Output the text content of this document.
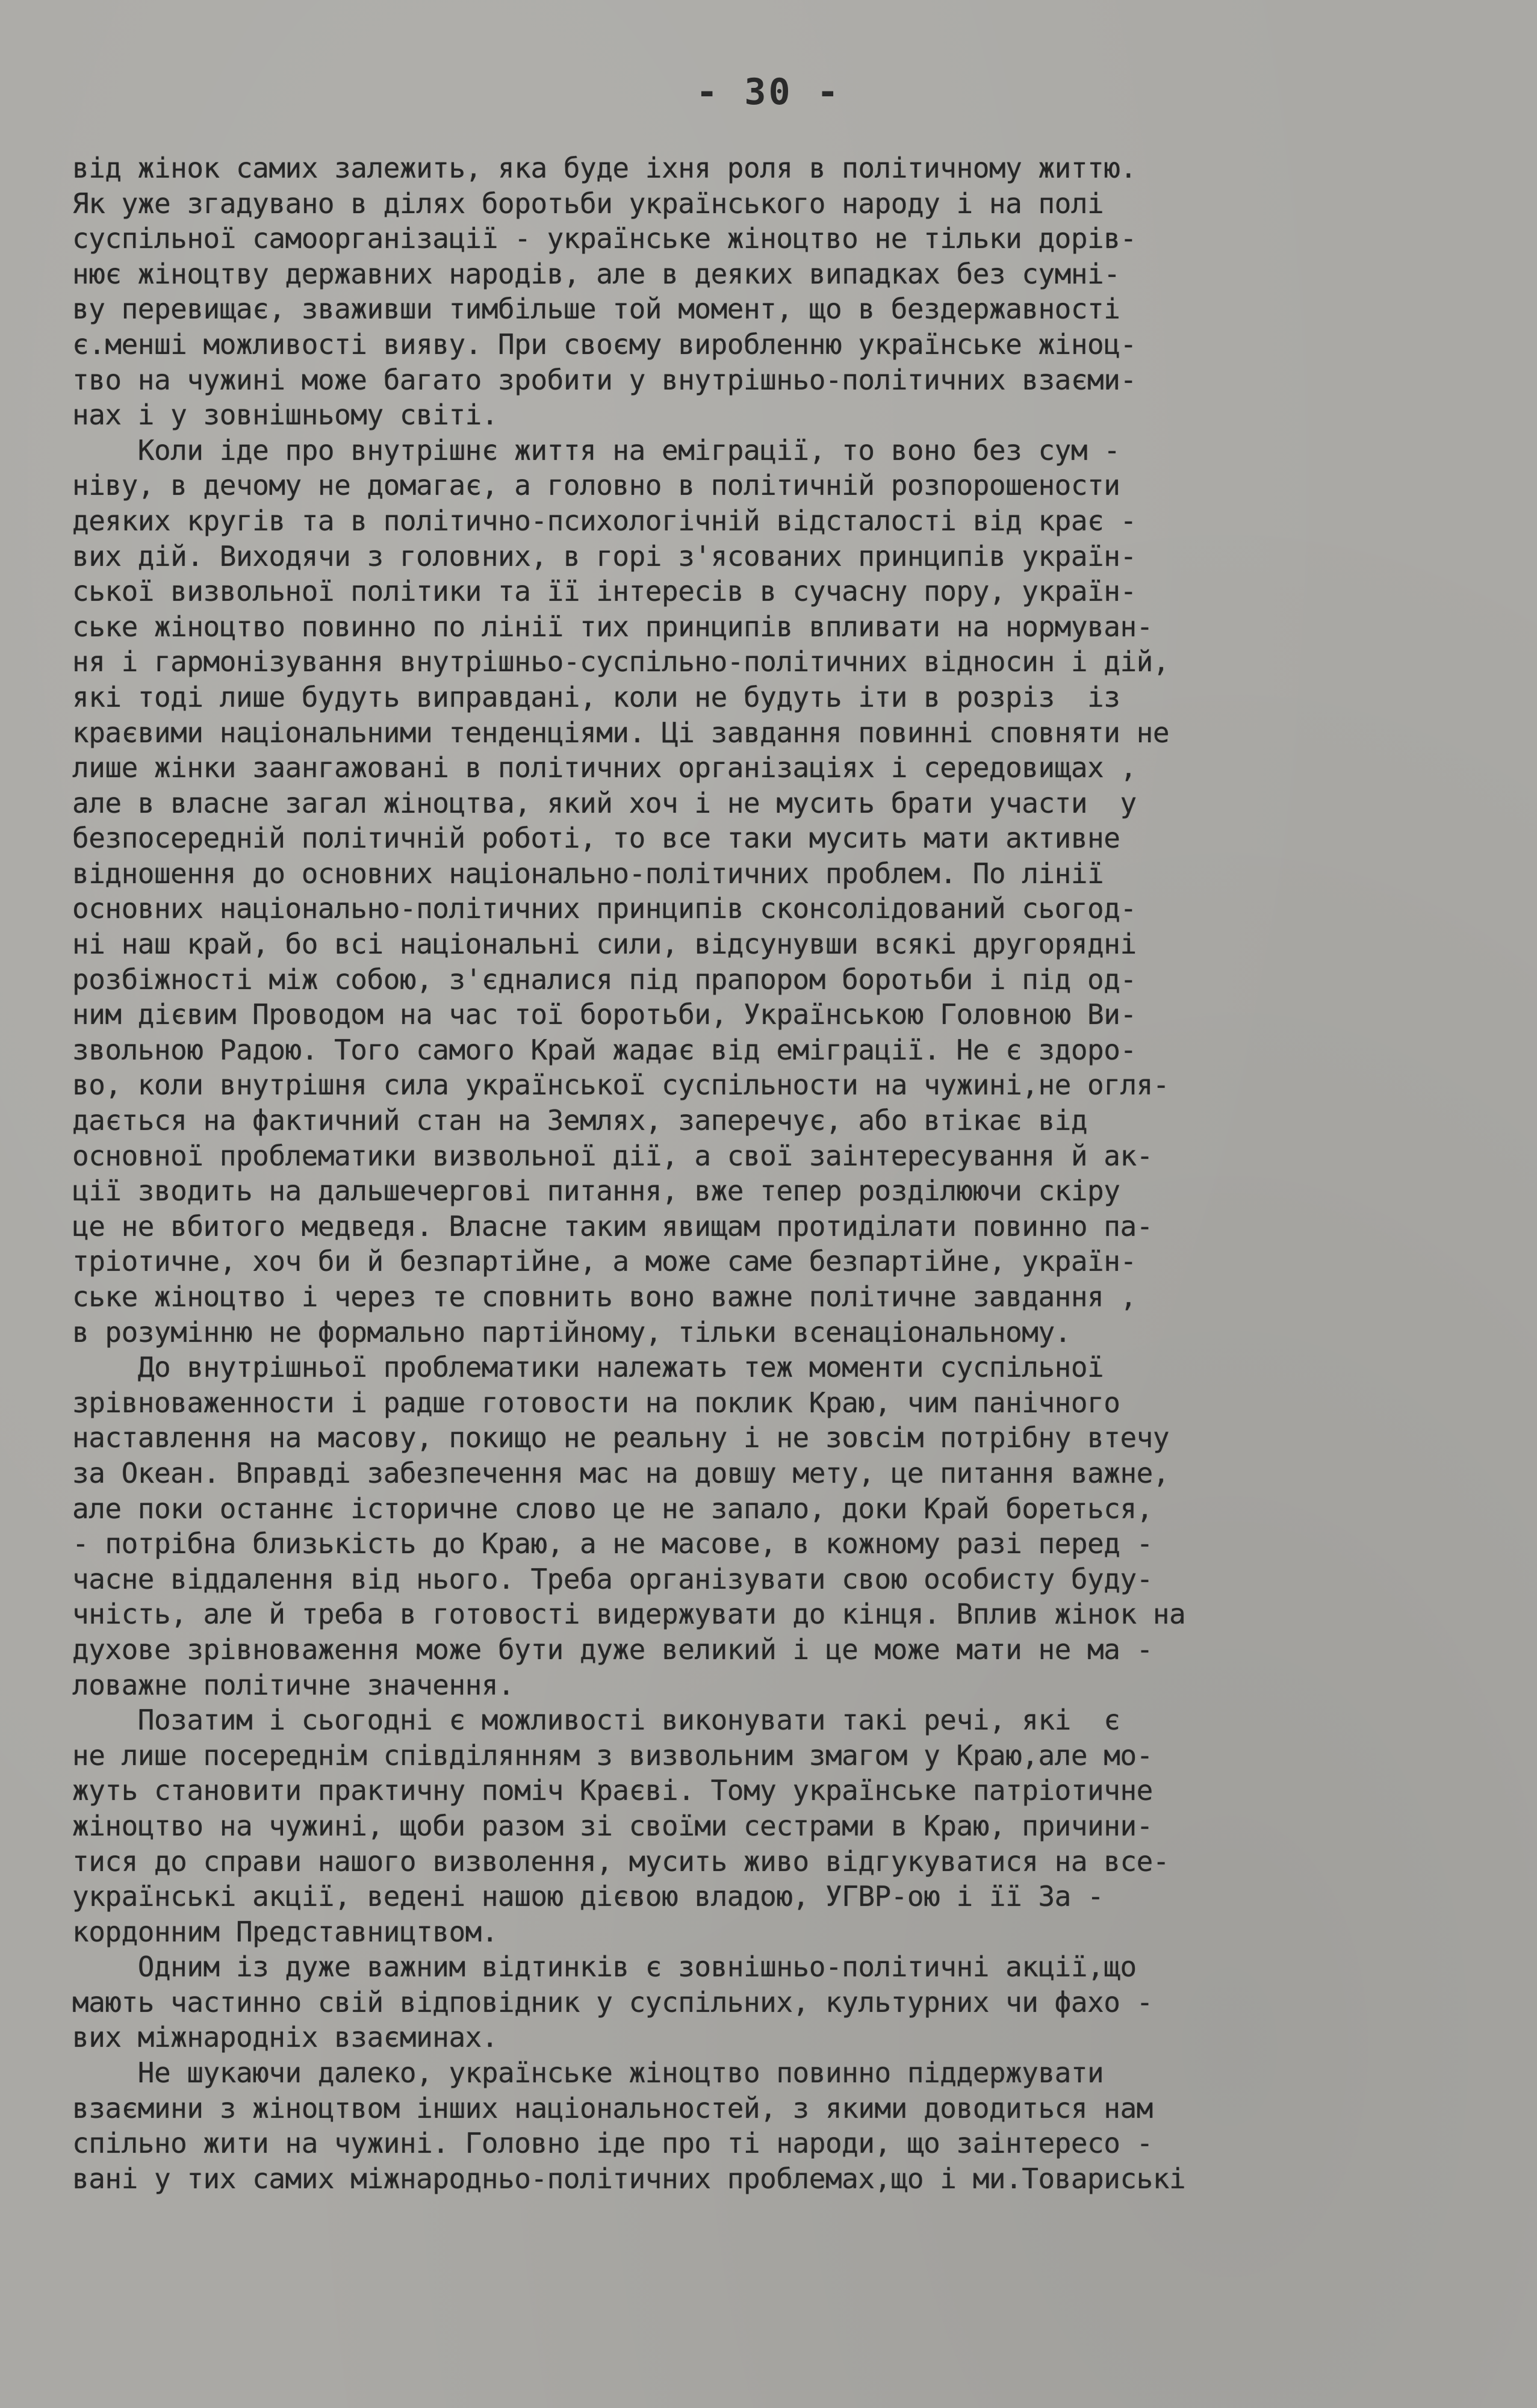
- 30 -
від жінок самих залежить, яка буде іхня роля в політичному життю.
Як уже згадувано в ділях боротьби українського народу і на полі
суспільної самоорганізації - українське жіноцтво не тільки дорів-
нює жіноцтву державних народів, але в деяких випадках без сумні-
ву перевищає, зваживши тимбільше той момент, що в бездержавності
є.менші можливості вияву. При своєму виробленню українське жіноц-
тво на чужині може багато зробити у внутрішньо-політичних взаєми-
нах і у зовнішньому світі.
Коли іде про внутрішнє життя на еміграції, то воно без сум -
ніву, в дечому не домагає, а головно в політичній розпорошености
деяких кругів та в політично-психологічній відсталості від крає -
вих дій. Виходячи з головних, в горі з'ясованих принципів україн-
ської визвольної політики та її інтересів в сучасну пору, україн-
ське жіноцтво повинно по лінії тих принципів впливати на нормуван-
ня і гармонізування внутрішньо-суспільно-політичних відносин і дій,
які тоді лише будуть виправдані, коли не будуть іти в розріз  із
краєвими національними тенденціями. Ці завдання повинні сповняти не
лише жінки заангажовані в політичних організаціях і середовищах ,
але в власне загал жіноцтва, який хоч і не мусить брати участи  у
безпосередній політичній роботі, то все таки мусить мати активне
відношення до основних національно-політичних проблем. По лінії
основних національно-політичних принципів сконсолідований сьогод-
ні наш край, бо всі національні сили, відсунувши всякі другорядні
розбіжності між собою, з'єдналися під прапором боротьби і під од-
ним дієвим Проводом на час тої боротьби, Українською Головною Ви-
звольною Радою. Того самого Край жадає від еміграції. Не є здоро-
во, коли внутрішня сила української суспільности на чужині,не огля-
дається на фактичний стан на Землях, заперечує, або втікає від
основної проблематики визвольної дії, а свої заінтересування й ак-
ції зводить на дальшечергові питання, вже тепер розділюючи скіру
це не вбитого медведя. Власне таким явищам протиділати повинно па-
тріотичне, хоч би й безпартійне, а може саме безпартійне, україн-
ське жіноцтво і через те сповнить воно важне політичне завдання ,
в розумінню не формально партійному, тільки всенаціональному.
До внутрішньої проблематики належать теж моменти суспільної
зрівноваженности і радше готовости на поклик Краю, чим панічного
наставлення на масову, покищо не реальну і не зовсім потрібну втечу
за Океан. Вправді забезпечення мас на довшу мету, це питання важне,
але поки останнє історичне слово це не запало, доки Край бореться,
- потрібна близькість до Краю, а не масове, в кожному разі перед -
часне віддалення від нього. Треба організувати свою особисту буду-
чність, але й треба в готовості видержувати до кінця. Вплив жінок на
духове зрівноваження може бути дуже великий і це може мати не ма -
ловажне політичне значення.
Позатим і сьогодні є можливості виконувати такі речі, які  є
не лише посереднім співділянням з визвольним змагом у Краю,але мо-
жуть становити практичну поміч Краєві. Тому українське патріотичне
жіноцтво на чужині, щоби разом зі своїми сестрами в Краю, причини-
тися до справи нашого визволення, мусить живо відгукуватися на все-
українські акції, ведені нашою дієвою владою, УГВР-ою і її За -
кордонним Представництвом.
Одним із дуже важним відтинків є зовнішньо-політичні акції,що
мають частинно свій відповідник у суспільних, культурних чи фахо -
вих міжнародніх взаєминах.
Не шукаючи далеко, українське жіноцтво повинно піддержувати
взаємини з жіноцтвом інших національностей, з якими доводиться нам
спільно жити на чужині. Головно іде про ті народи, що заінтересо -
вані у тих самих міжнародньо-політичних проблемах,що і ми.Товариські
